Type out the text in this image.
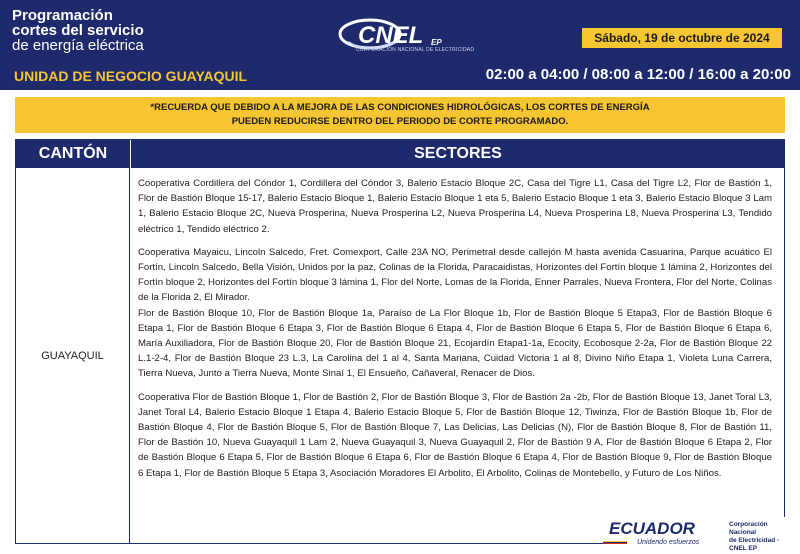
Programación
cortes del servicio
de energía eléctrica
UNIDAD DE NEGOCIO GUAYAQUIL
CNEL EP
CORPORACIÓN NACIONAL DE ELECTRICIDAD
Sábado, 19 de octubre de 2024
02:00 a 04:00 / 08:00 a 12:00 / 16:00 a 20:00
*RECUERDA QUE DEBIDO A LA MEJORA DE LAS CONDICIONES HIDROLÓGICAS, LOS CORTES DE ENERGÍA
PUEDEN REDUCIRSE DENTRO DEL PERIODO DE CORTE PROGRAMADO.
CANTÓN	SECTORES
GUAYAQUIL

Cooperativa Cordillera del Cóndor 1, Cordillera del Cóndor 3, Balerio Estacio Bloque 2C, Casa del Tigre L1, Casa del Tigre L2, Flor de Bastión 1, Flor de Bastión Bloque 15-17, Balerio Estacio Bloque 1, Balerio Estacio Bloque 1 eta 5, Balerio Estacio Bloque 1 eta 3, Balerio Estacio Bloque 3 Lam 1, Balerio Estacio Bloque 2C, Nueva Prosperina, Nueva Prosperina L2, Nueva Prosperina L4, Nueva Prosperina L8, Nueva Prosperina L3, Tendido eléctrico 1, Tendido eléctrico 2.

Cooperativa Mayaicu, Lincoln Salcedo, Fret. Comexport, Calle 23A NO, Perimetral desde callejón M hasta avenida Casuarina, Parque acuático El Fortín, Lincoln Salcedo, Bella Visión, Unidos por la paz, Colinas de la Florida, Paracaidistas, Horizontes del Fortín bloque 1 lámina 2, Horizontes del Fortín bloque 2, Horizontes del Fortín bloque 3 lámina 1, Flor del Norte, Lomas de la Florida, Enner Parrales, Nueva Frontera, Flor del Norte, Colinas de la Florida 2, El Mirador.

Flor de Bastión Bloque 10, Flor de Bastión Bloque 1a, Paraíso de La Flor Bloque 1b, Flor de Bastión Bloque 5 Etapa3, Flor de Bastión Bloque 6 Etapa 1, Flor de Bastión Bloque 6 Etapa 3, Flor de Bastión Bloque 6 Etapa 4, Flor de Bastión Bloque 6 Etapa 5, Flor de Bastión Bloque 6 Etapa 6, María Auxiliadora, Flor de Bastión Bloque 20, Flor de Bastión Bloque 21, Ecojardín Etapa1-1a, Ecocity, Ecobosque 2-2a, Flor de Bastión Bloque 22 L.1-2-4, Flor de Bastión Bloque 23 L.3, La Carolina del 1 al 4, Santa Mariana, Cuidad Victoria 1 al 8, Divino Niño Etapa 1, Violeta Luna Carrera, Tierra Nueva, Junto a Tierra Nueva, Monte Sinaí 1, El Ensueño, Cañaveral, Renacer de Dios.

Cooperativa Flor de Bastión Bloque 1, Flor de Bastión 2, Flor de Bastión Bloque 3, Flor de Bastión 2a -2b, Flor de Bastión Bloque 13, Janet Toral L3, Janet Toral L4, Balerio Estacio Bloque 1 Etapa 4, Balerio Estacio Bloque 5, Flor de Bastión Bloque 12, Tiwinza, Flor de Bastión Bloque 1b, Flor de Bastión Bloque 4, Flor de Bastión Bloque 5, Flor de Bastión Bloque 7, Las Delicias, Las Delicias (N), Flor de Bastión Bloque 8, Flor de Bastión 11, Flor de Bastión 10, Nueva Guayaquil 1 Lam 2, Nueva Guayaquil 3, Nueva Guayaquil 2, Flor de Bastión 9 A, Flor de Bastión Bloque 6 Etapa 2, Flor de Bastión Bloque 6 Etapa 5, Flor de Bastión Bloque 6 Etapa 6, Flor de Bastión Bloque 6 Etapa 4, Flor de Bastión Bloque 9, Flor de Bastión Bloque 6 Etapa 1, Flor de Bastión Bloque 5 Etapa 3, Asociación Moradores El Arbolito, El Arbolito, Colinas de Montebello, y Futuro de Los Niños.

ECUADOR
Unidendo esfuerzos
Corporación Nacional
de Electricidad - CNEL EP
